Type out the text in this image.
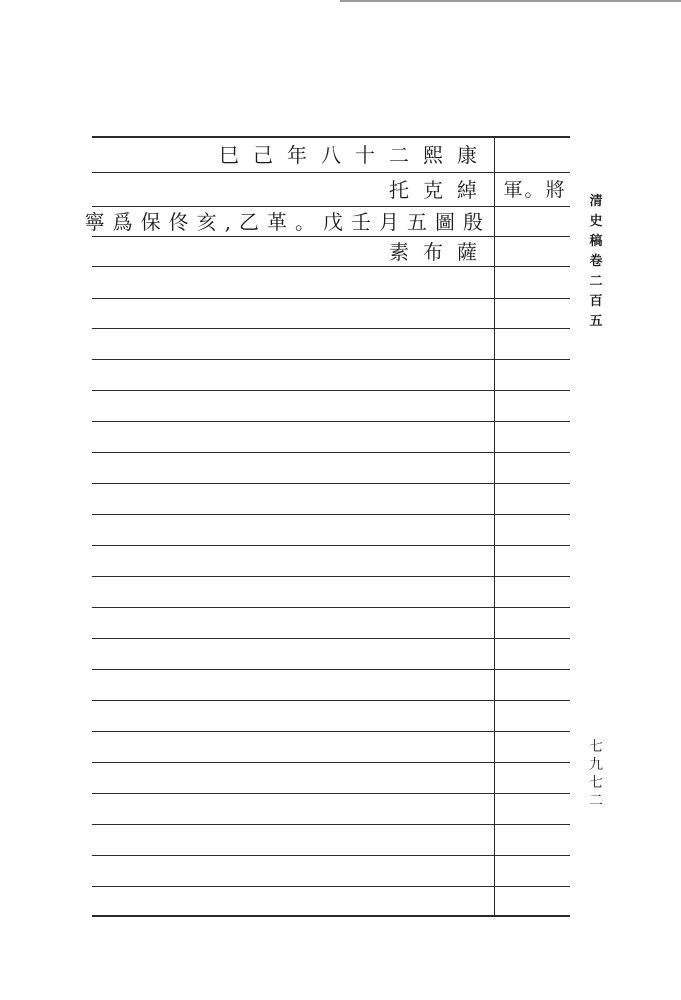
巳己年八十二熙康
托克綽 軍。將
寧爲保佟亥,乙革。戊壬月五圖殷
素布薩
清史稿卷二百五
七九七二
